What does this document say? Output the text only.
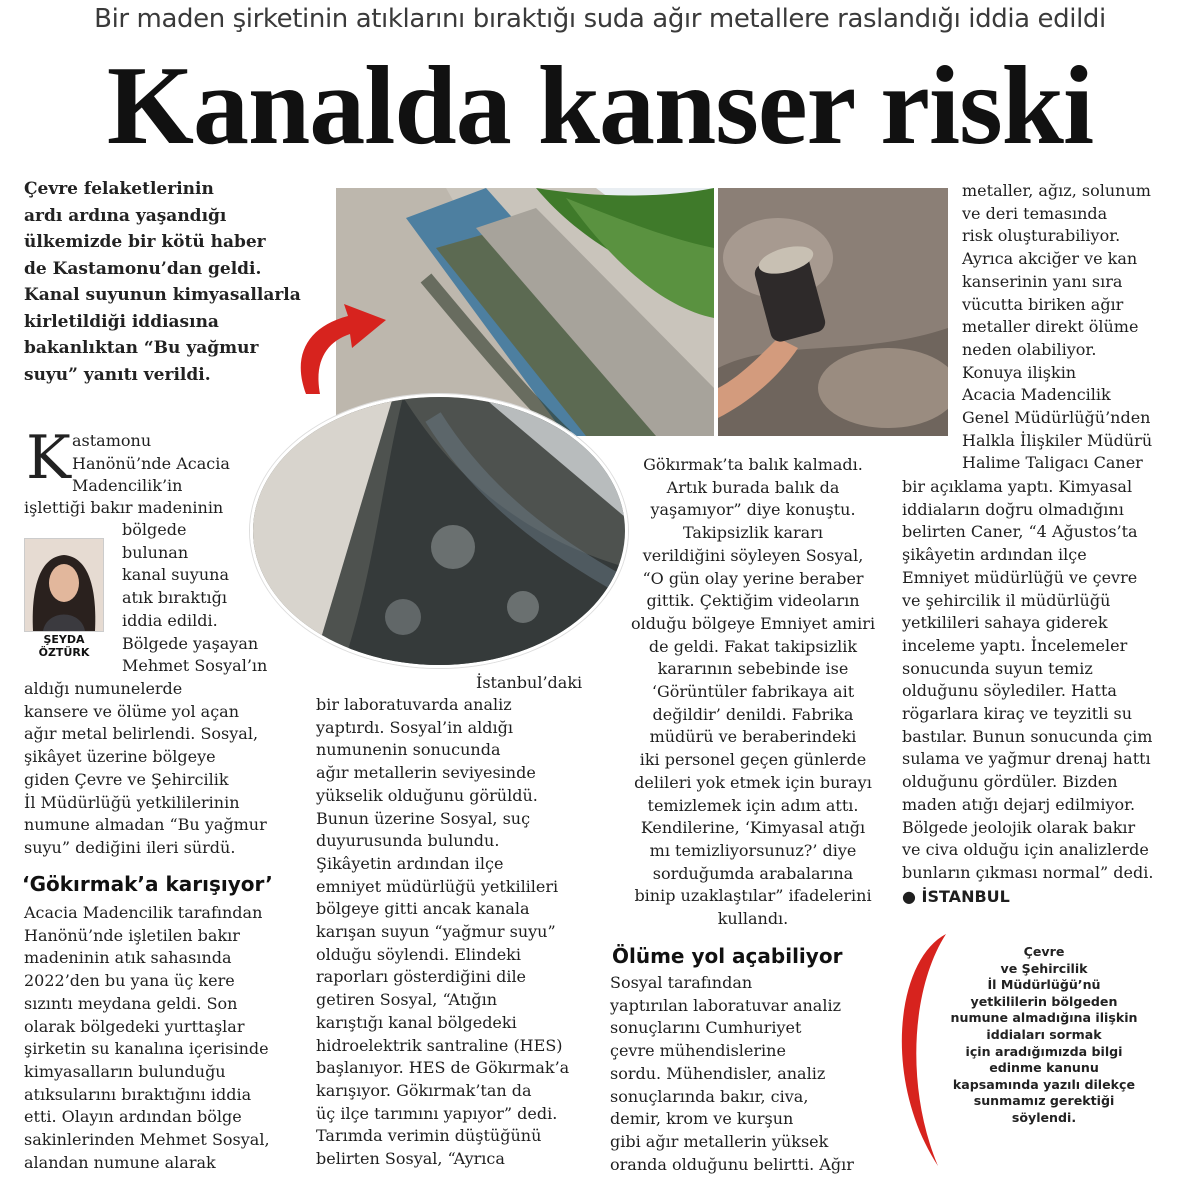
Bir maden şirketinin atıklarını bıraktığı suda ağır metallere raslandığı iddia edildi
Kanalda kanser riski
Çevre felaketlerinin
ardı ardına yaşandığı
ülkemizde bir kötü haber
de Kastamonu’dan geldi.
Kanal suyunun kimyasallarla
kirletildiği iddiasına
bakanlıktan “Bu yağmur
suyu” yanıtı verildi.
K astamonu
Hanönü’nde Acacia
Madencilik’in
işlettiği bakır madeninin
ŞEYDA
ÖZTÜRK
bölgede
bulunan
kanal suyuna
atık bıraktığı
iddia edildi.
Bölgede yaşayan
Mehmet Sosyal’ın
aldığı numunelerde
kansere ve ölüme yol açan
ağır metal belirlendi. Sosyal,
şikâyet üzerine bölgeye
giden Çevre ve Şehircilik
İl Müdürlüğü yetkililerinin
numune almadan “Bu yağmur
suyu” dediğini ileri sürdü.
‘Gökırmak’a karışıyor’
Acacia Madencilik tarafından
Hanönü’nde işletilen bakır
madeninin atık sahasında
2022’den bu yana üç kere
sızıntı meydana geldi. Son
olarak bölgedeki yurttaşlar
şirketin su kanalına içerisinde
kimyasalların bulunduğu
atıksularını bıraktığını iddia
etti. Olayın ardından bölge
sakinlerinden Mehmet Sosyal,
alandan numune alarak
İstanbul’daki
bir laboratuvarda analiz
yaptırdı. Sosyal’in aldığı
numunenin sonucunda
ağır metallerin seviyesinde
yükselik olduğunu görüldü.
Bunun üzerine Sosyal, suç
duyurusunda bulundu.
Şikâyetin ardından ilçe
emniyet müdürlüğü yetkilileri
bölgeye gitti ancak kanala
karışan suyun “yağmur suyu”
olduğu söylendi. Elindeki
raporları gösterdiğini dile
getiren Sosyal, “Atığın
karıştığı kanal bölgedeki
hidroelektrik santraline (HES)
başlanıyor. HES de Gökırmak’a
karışıyor. Gökırmak’tan da
üç ilçe tarımını yapıyor” dedi.
Tarımda verimin düştüğünü
belirten Sosyal, “Ayrıca
Gökırmak’ta balık kalmadı.
Artık burada balık da
yaşamıyor” diye konuştu.
Takipsizlik kararı
verildiğini söyleyen Sosyal,
“O gün olay yerine beraber
gittik. Çektiğim videoların
olduğu bölgeye Emniyet amiri
de geldi. Fakat takipsizlik
kararının sebebinde ise
‘Görüntüler fabrikaya ait
değildir’ denildi. Fabrika
müdürü ve beraberindeki
iki personel geçen günlerde
delileri yok etmek için burayı
temizlemek için adım attı.
Kendilerine, ‘Kimyasal atığı
mı temizliyorsunuz?’ diye
sorduğumda arabalarına
binip uzaklaştılar” ifadelerini
kullandı.
Ölüme yol açabiliyor
Sosyal tarafından
yaptırılan laboratuvar analiz
sonuçlarını Cumhuriyet
çevre mühendislerine
sordu. Mühendisler, analiz
sonuçlarında bakır, civa,
demir, krom ve kurşun
gibi ağır metallerin yüksek
oranda olduğunu belirtti. Ağır
metaller, ağız, solunum
ve deri temasında
risk oluşturabiliyor.
Ayrıca akciğer ve kan
kanserinin yanı sıra
vücutta biriken ağır
metaller direkt ölüme
neden olabiliyor.
Konuya ilişkin
Acacia Madencilik
Genel Müdürlüğü’nden
Halkla İlişkiler Müdürü
Halime Taligacı Caner
bir açıklama yaptı. Kimyasal
iddiaların doğru olmadığını
belirten Caner, “4 Ağustos’ta
şikâyetin ardından ilçe
Emniyet müdürlüğü ve çevre
ve şehircilik il müdürlüğü
yetkilileri sahaya giderek
inceleme yaptı. İncelemeler
sonucunda suyun temiz
olduğunu söylediler. Hatta
rögarlara kiraç ve teyzitli su
bastılar. Bunun sonucunda çim
sulama ve yağmur drenaj hattı
olduğunu gördüler. Bizden
maden atığı dejarj edilmiyor.
Bölgede jeolojik olarak bakır
ve civa olduğu için analizlerde
bunların çıkması normal” dedi.
● İSTANBUL
Çevre
ve Şehircilik
İl Müdürlüğü’nü
yetkililerin bölgeden
numune almadığına ilişkin
iddiaları sormak
için aradığımızda bilgi
edinme kanunu
kapsamında yazılı dilekçe
sunmamız gerektiği
söylendi.
